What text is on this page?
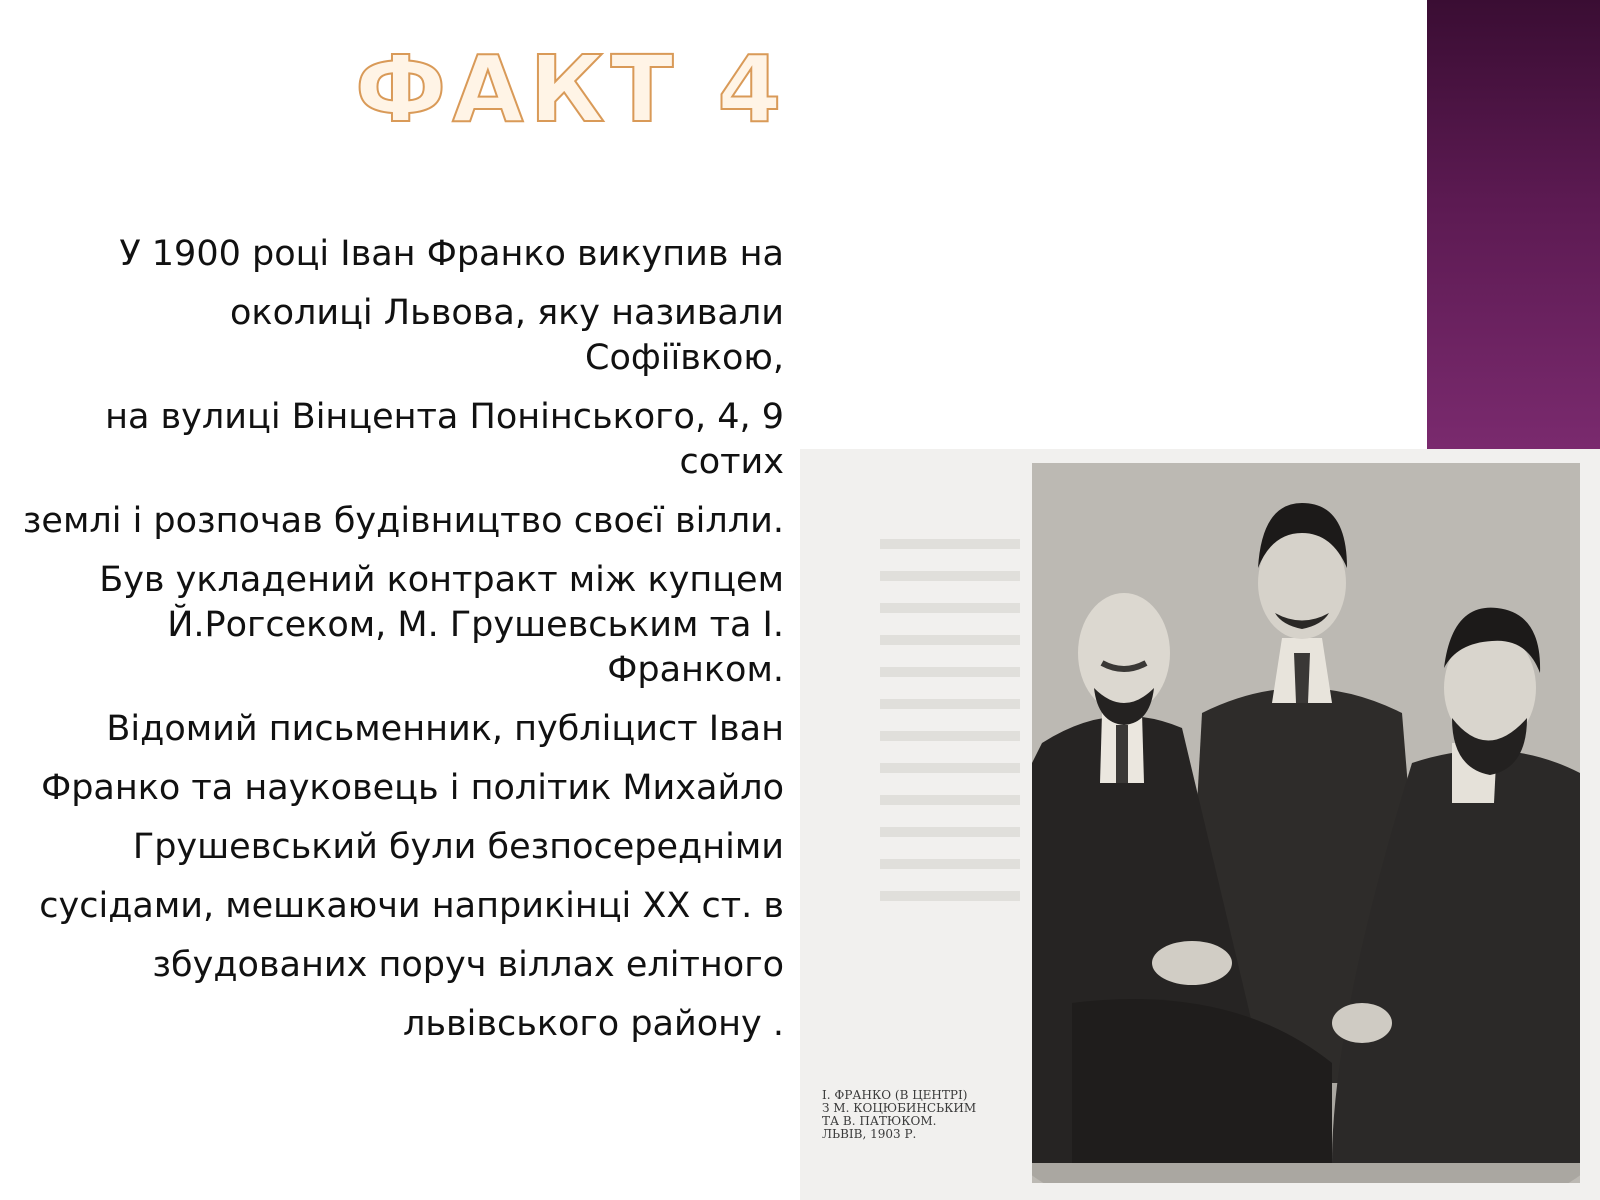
ФАКТ 4

У 1900 році Іван Франко викупив на

околиці Львова, яку називали Софіївкою,

на вулиці Вінцента Понінського, 4, 9 сотих

землі і розпочав будівництво своєї вілли.

Був укладений контракт між купцем Й.Рогсеком, М. Грушевським та І. Франком.

Відомий письменник, публіцист Іван

Франко та науковець і політик Михайло

Грушевський були безпосередніми

сусідами, мешкаючи наприкінці XX ст. в

збудованих поруч віллах елітного

львівського району .

І. ФРАНКО (В ЦЕНТРІ)
З М. КОЦЮБИНСЬКИМ
ТА В. ПАТЮКОМ.
ЛЬВІВ, 1903 Р.
